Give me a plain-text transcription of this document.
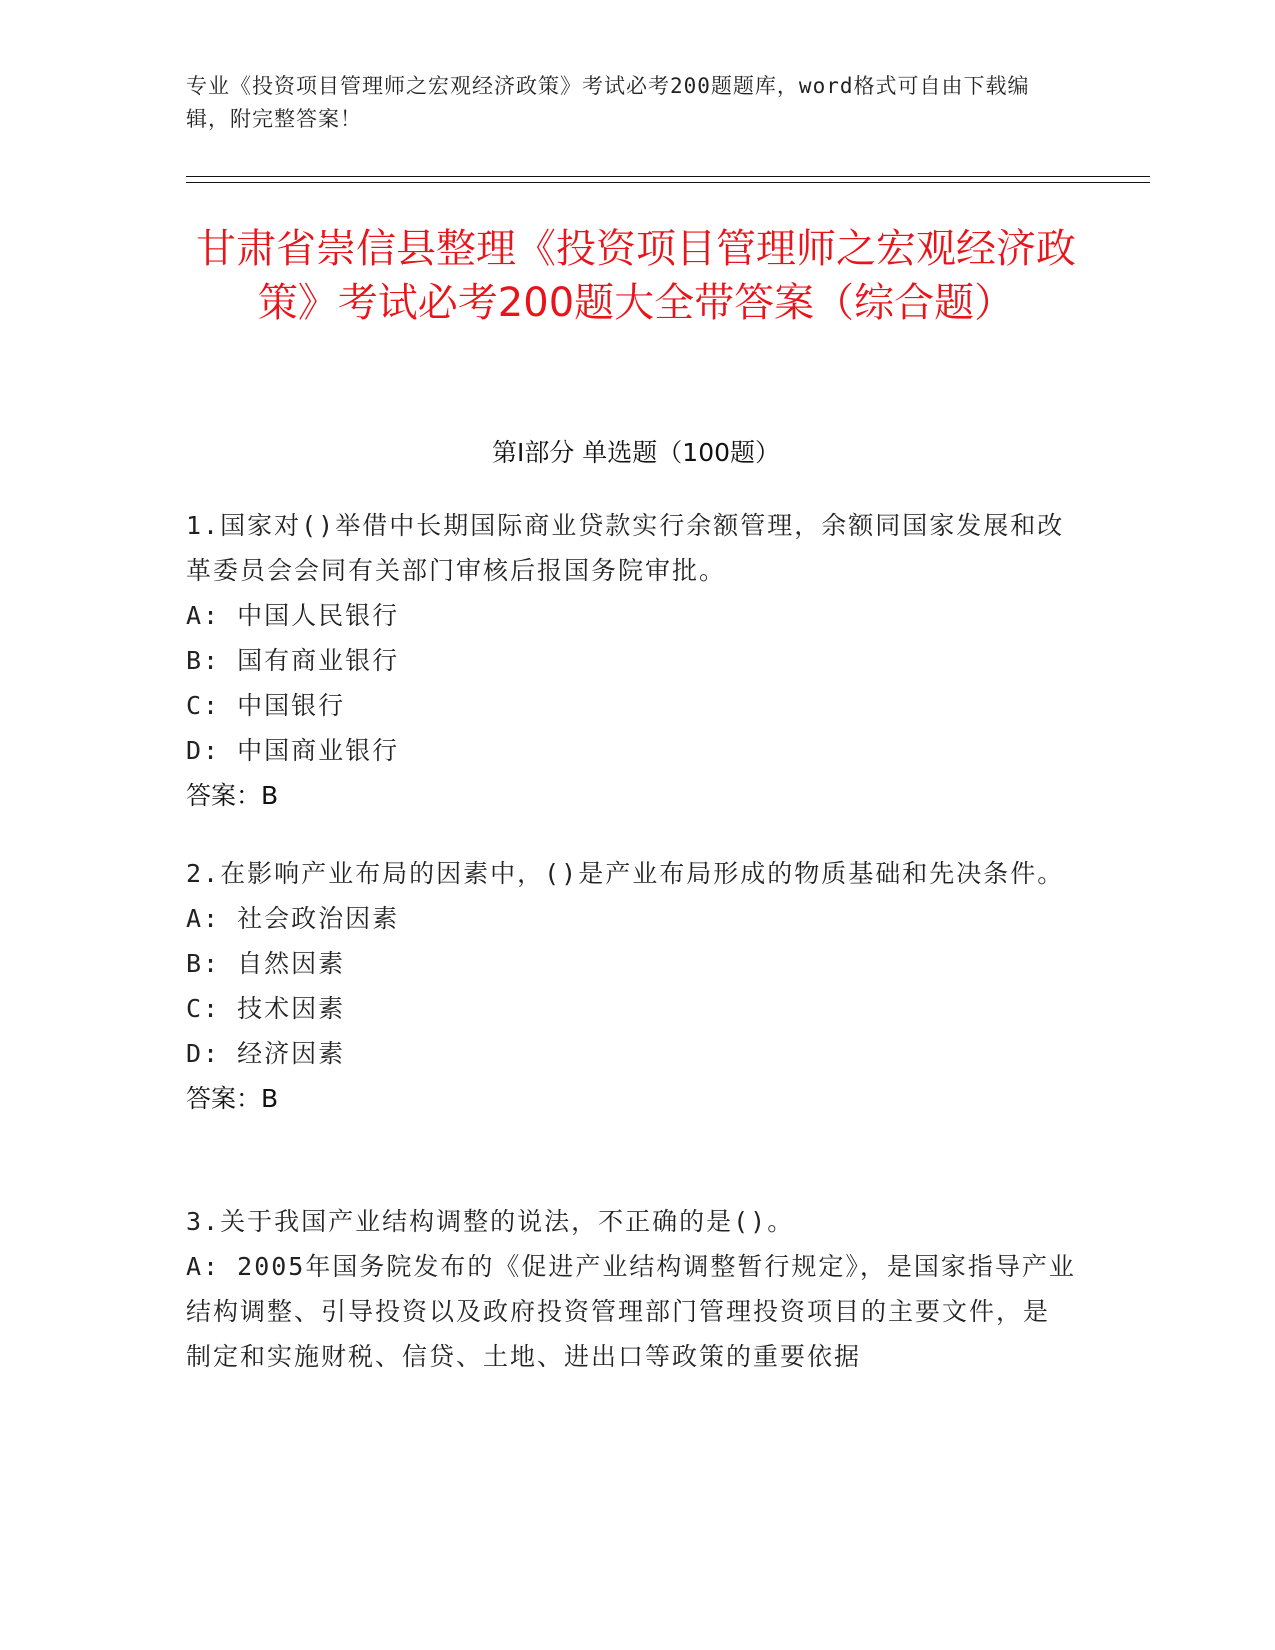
专业《投资项目管理师之宏观经济政策》考试必考200题题库，word格式可自由下载编辑，附完整答案！
甘肃省崇信县整理《投资项目管理师之宏观经济政策》考试必考200题大全带答案（综合题）
第I部分 单选题（100题）

1.国家对()举借中长期国际商业贷款实行余额管理，余额同国家发展和改革委员会会同有关部门审核后报国务院审批。

A: 中国人民银行

B: 国有商业银行

C: 中国银行

D: 中国商业银行

答案：B

2.在影响产业布局的因素中，()是产业布局形成的物质基础和先决条件。

A: 社会政治因素

B: 自然因素

C: 技术因素

D: 经济因素

答案：B

3.关于我国产业结构调整的说法，不正确的是()。

A: 2005年国务院发布的《促进产业结构调整暂行规定》，是国家指导产业结构调整、引导投资以及政府投资管理部门管理投资项目的主要文件，是制定和实施财税、信贷、土地、进出口等政策的重要依据
